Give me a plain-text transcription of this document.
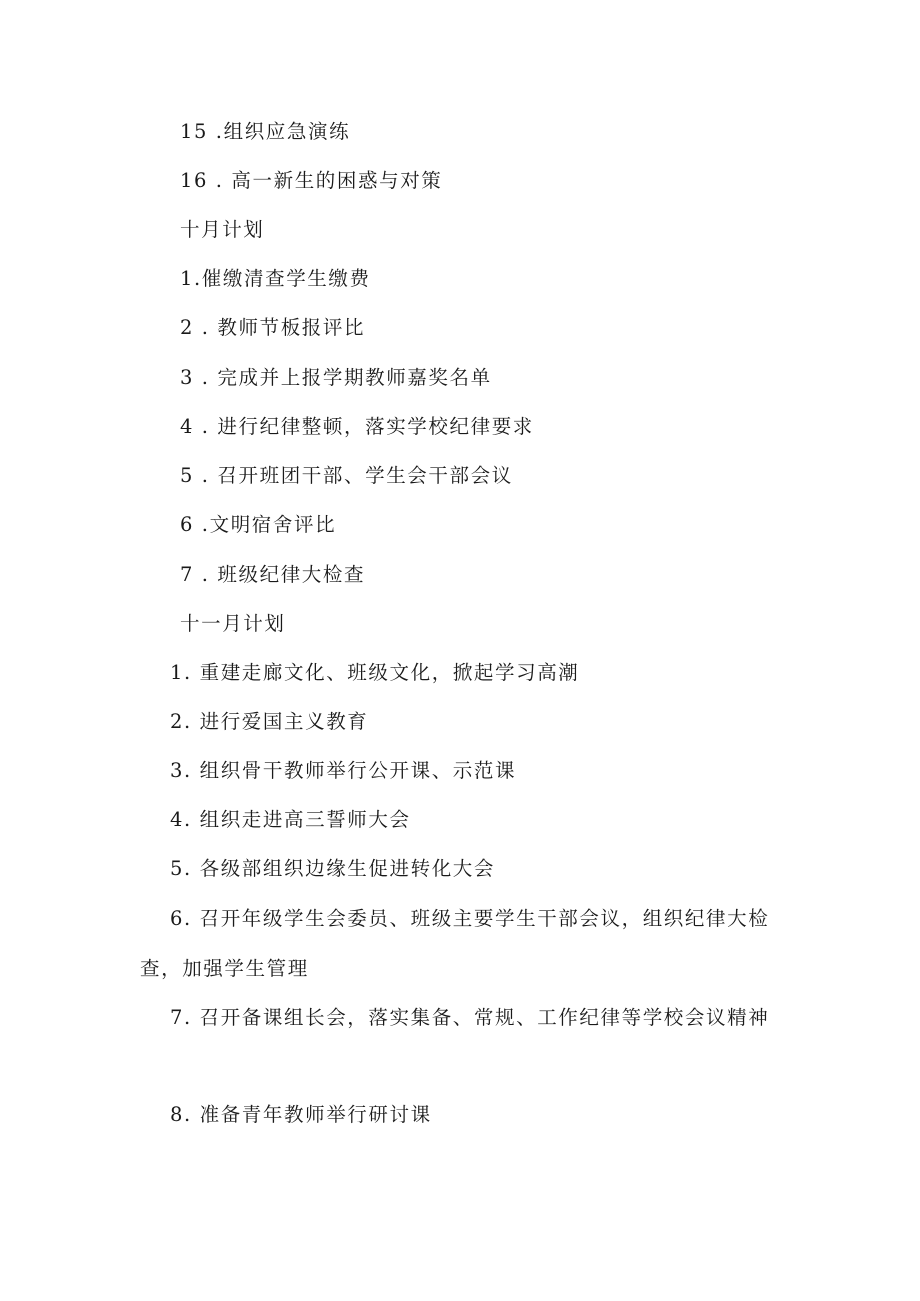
15 .组织应急演练
16 . 高一新生的困惑与对策
十月计划
1.催缴清查学生缴费
2 . 教师节板报评比
3 . 完成并上报学期教师嘉奖名单
4 . 进行纪律整顿，落实学校纪律要求
5 . 召开班团干部、学生会干部会议
6 .文明宿舍评比
7 . 班级纪律大检查
十一月计划
1. 重建走廊文化、班级文化，掀起学习高潮
2. 进行爱国主义教育
3. 组织骨干教师举行公开课、示范课
4. 组织走进高三誓师大会
5. 各级部组织边缘生促进转化大会
6. 召开年级学生会委员、班级主要学生干部会议，组织纪律大检查，加强学生管理
7. 召开备课组长会，落实集备、常规、工作纪律等学校会议精神
8. 准备青年教师举行研讨课
